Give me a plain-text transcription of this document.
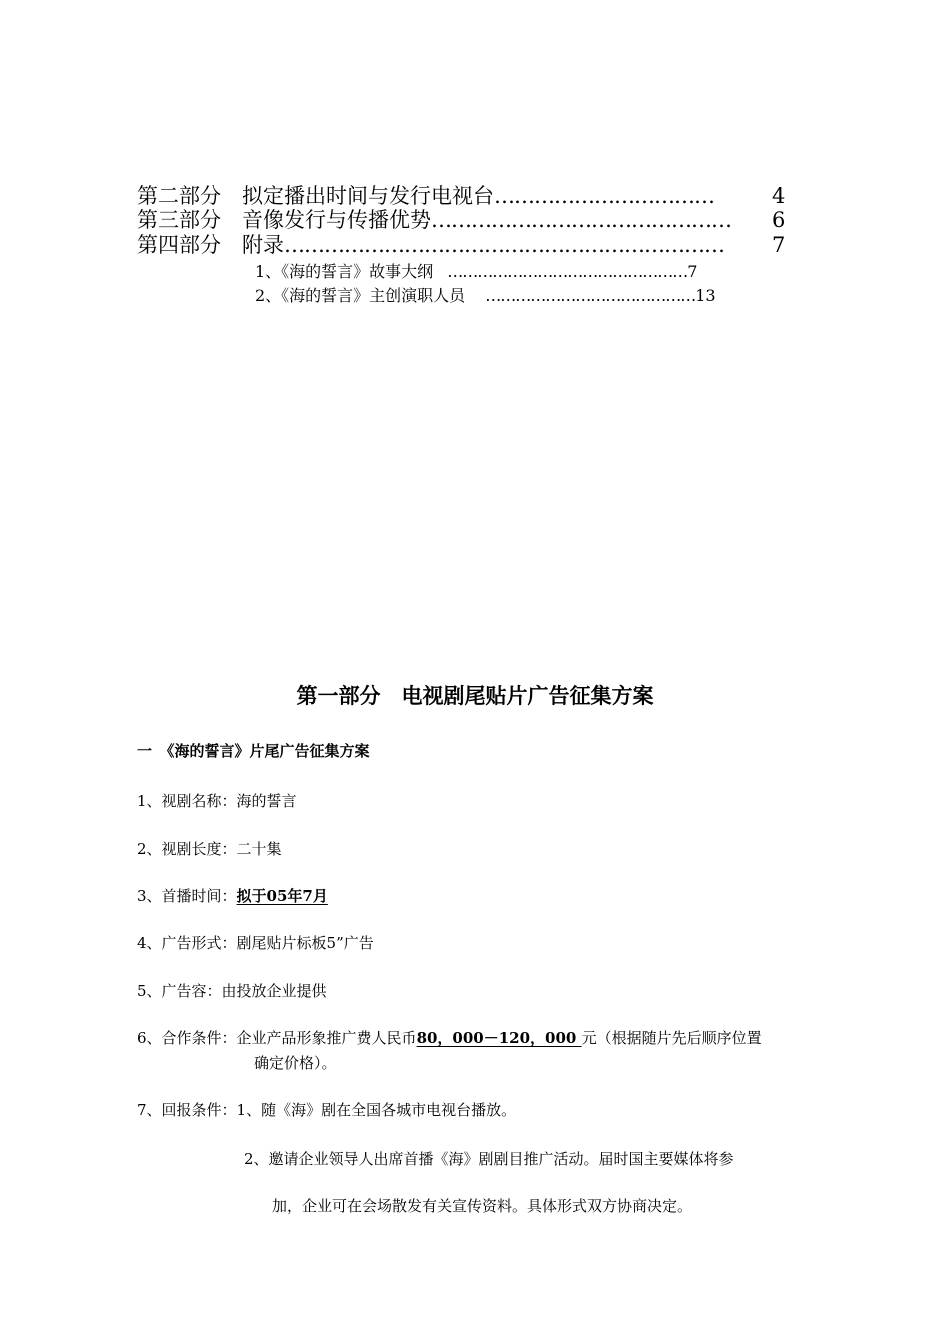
第二部分　拟定播出时间与发行电视台……………………………	4
第三部分　音像发行与传播优势……………………………………… 6
第四部分　附录………………………………………………………… 7
1、《海的誓言》故事大纲 …………………………………………7
2、《海的誓言》主创演职人员 ……………………………………13
第一部分　电视剧尾贴片广告征集方案
一　《海的誓言》片尾广告征集方案
1、视剧名称：海的誓言
2、视剧长度：二十集
3、首播时间：拟于05年7月
4、广告形式：剧尾贴片标板5”广告
5、广告容：由投放企业提供
6、合作条件：企业产品形象推广费人民币80，000－120，000 元（根据随片先后顺序位置
确定价格）。
7、回报条件：1、随《海》剧在全国各城市电视台播放。
2、邀请企业领导人出席首播《海》剧剧目推广活动。届时国主要媒体将参
加，企业可在会场散发有关宣传资料。具体形式双方协商决定。
